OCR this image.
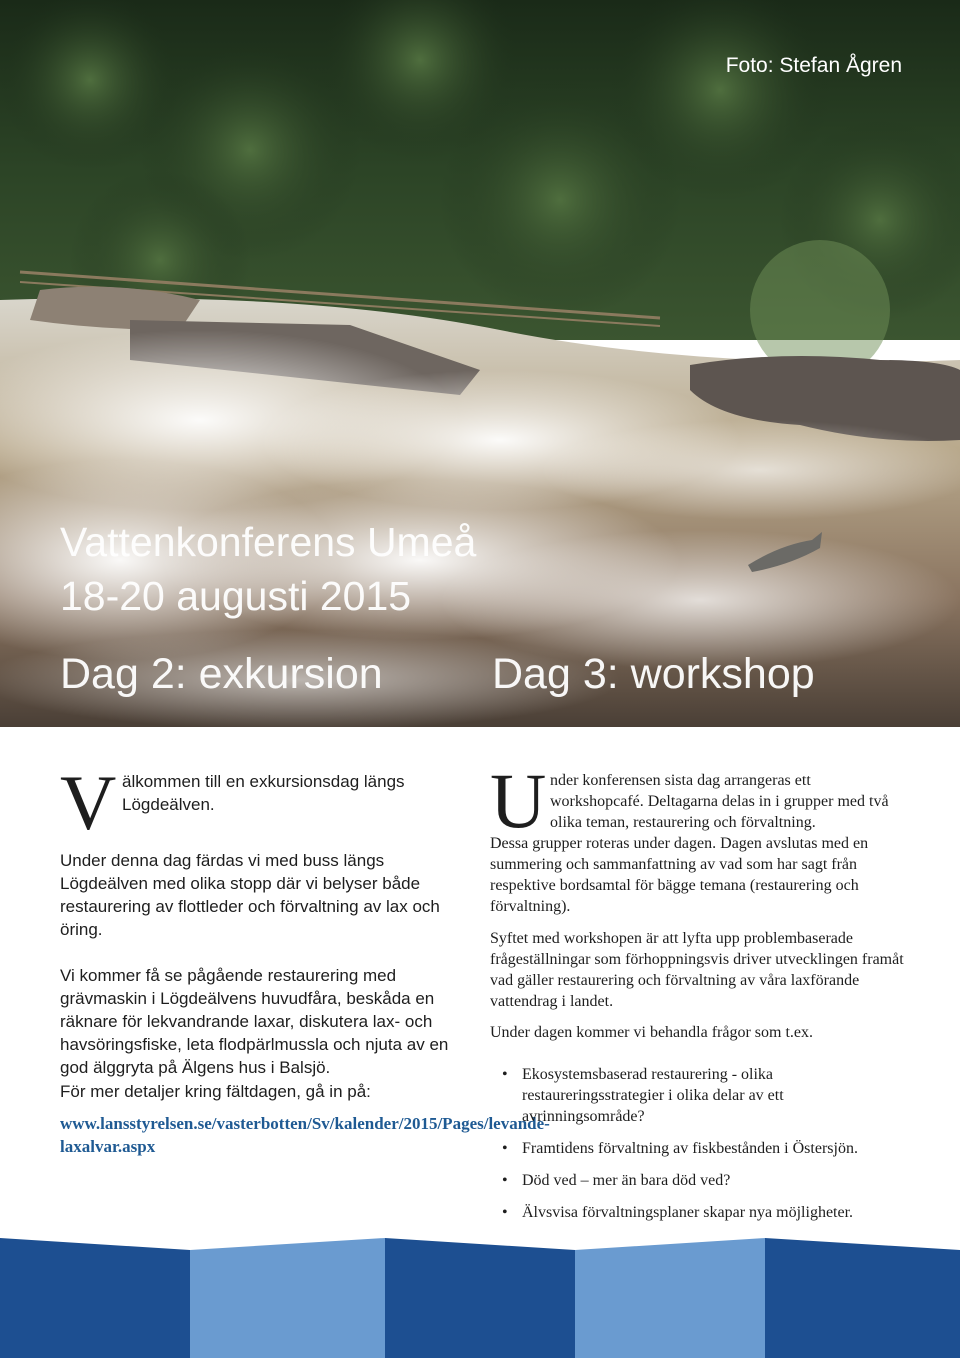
Foto: Stefan Ågren
Vattenkonferens Umeå
18-20 augusti 2015
Dag 2: exkursion	Dag 3: workshop
V älkommen till en exkursionsdag längs
Lögdeälven.

Under denna dag färdas vi med buss längs Lögdeälven med olika stopp där vi belyser både restaurering av flottleder och förvaltning av lax och öring.

Vi kommer få se pågående restaurering med grävmaskin i Lögdeälvens huvudfåra, beskåda en räknare för lekvandrande laxar, diskutera lax- och havsöringsfiske, leta flodpärlmussla och njuta av en god älggryta på Älgens hus i Balsjö.

För mer detaljer kring fältdagen, gå in på:

www.lansstyrelsen.se/vasterbotten/Sv/kalender/2015/Pages/levande-laxalvar.aspx
U nder konferensen sista dag arrangeras ett workshopcafé. Deltagarna delas in i grupper med två olika teman, restaurering och förvaltning.

Dessa grupper roteras under dagen. Dagen avslutas med en summering och sammanfattning av vad som har sagt från respektive bordsamtal för bägge temana (restaurering och förvaltning).

Syftet med workshopen är att lyfta upp problembaserade frågeställningar som förhoppningsvis driver utvecklingen framåt vad gäller restaurering och förvaltning av våra laxförande vattendrag i landet.

Under dagen kommer vi behandla frågor som t.ex.

• Ekosystemsbaserad restaurering - olika restaureringsstrategier i olika delar av ett avrinningsområde?
• Framtidens förvaltning av fiskbestånden i Östersjön.
• Död ved – mer än bara död ved?
• Älvsvisa förvaltningsplaner skapar nya möjligheter.
